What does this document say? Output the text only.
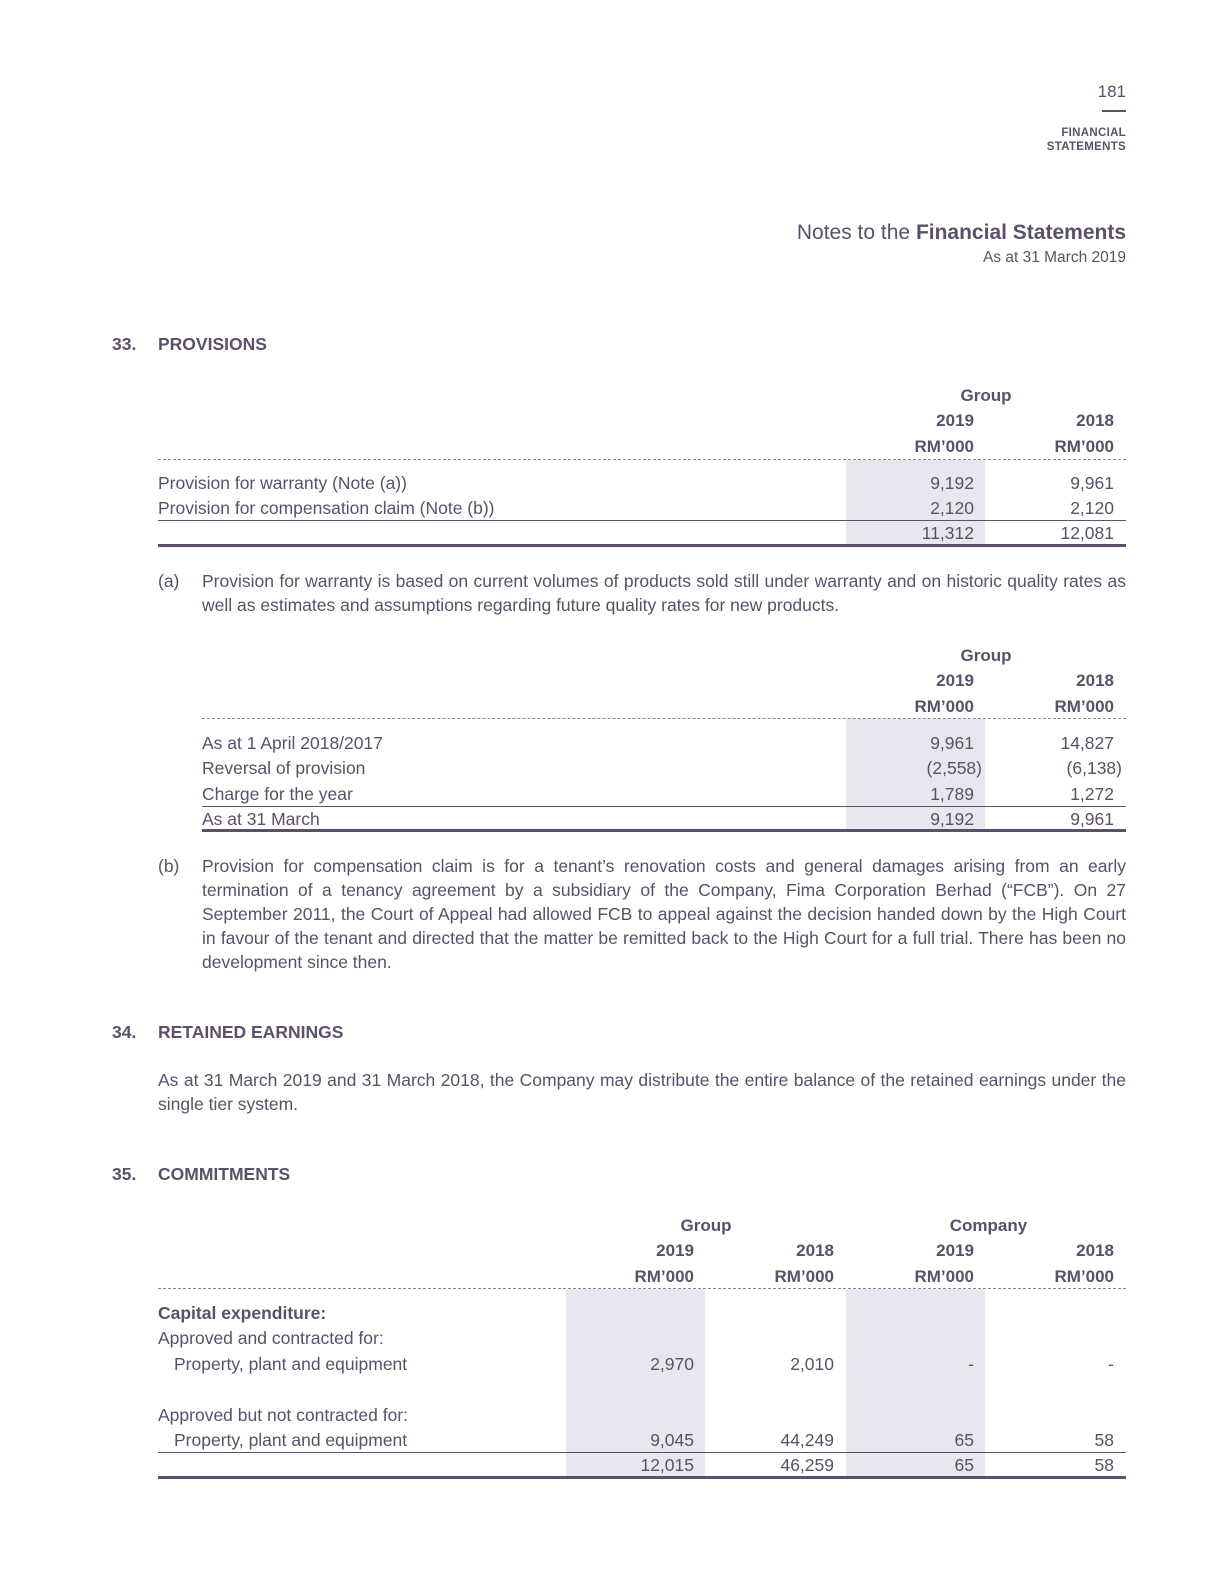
181
FINANCIAL
STATEMENTS
Notes to the Financial Statements
As at 31 March 2019
33. PROVISIONS
Group
2019	2018
RM’000	RM’000
Provision for warranty (Note (a))	9,192	9,961
Provision for compensation claim (Note (b))	2,120	2,120
11,312	12,081
(a) Provision for warranty is based on current volumes of products sold still under warranty and on historic quality rates as well as estimates and assumptions regarding future quality rates for new products.
Group
2019	2018
RM’000	RM’000
As at 1 April 2018/2017	9,961	14,827
Reversal of provision	(2,558)	(6,138)
Charge for the year	1,789	1,272
As at 31 March	9,192	9,961
(b) Provision for compensation claim is for a tenant’s renovation costs and general damages arising from an early termination of a tenancy agreement by a subsidiary of the Company, Fima Corporation Berhad (“FCB”). On 27 September 2011, the Court of Appeal had allowed FCB to appeal against the decision handed down by the High Court in favour of the tenant and directed that the matter be remitted back to the High Court for a full trial. There has been no development since then.
34. RETAINED EARNINGS
As at 31 March 2019 and 31 March 2018, the Company may distribute the entire balance of the retained earnings under the single tier system.
35. COMMITMENTS
Group	Company
2019	2018	2019	2018
RM’000	RM’000	RM’000	RM’000
Capital expenditure:
Approved and contracted for:
Property, plant and equipment	2,970	2,010	-	-
Approved but not contracted for:
Property, plant and equipment	9,045	44,249	65	58
12,015	46,259	65	58
